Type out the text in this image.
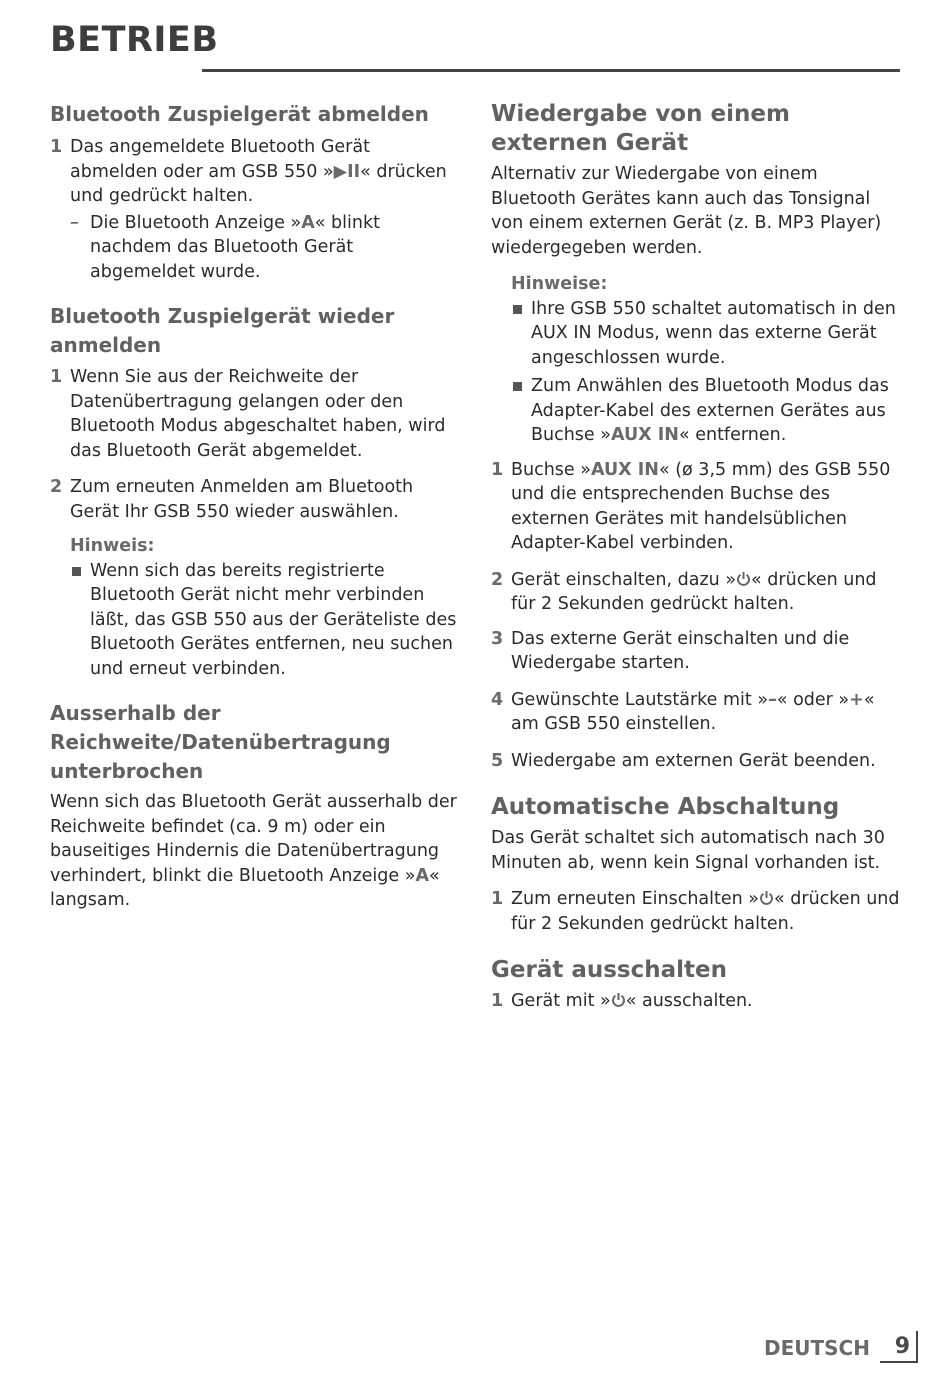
BETRIEB
Bluetooth Zuspielgerät abmelden
1 Das angemeldete Bluetooth Gerät abmelden oder am GSB 550 »▶II« drücken und gedrückt halten.
– Die Bluetooth Anzeige »A« blinkt nachdem das Bluetooth Gerät abgemeldet wurde.
Bluetooth Zuspielgerät wieder anmelden
1 Wenn Sie aus der Reichweite der Datenübertragung gelangen oder den Bluetooth Modus abgeschaltet haben, wird das Bluetooth Gerät abgemeldet.
2 Zum erneuten Anmelden am Bluetooth Gerät Ihr GSB 550 wieder auswählen.
Hinweis:
Wenn sich das bereits registrierte Bluetooth Gerät nicht mehr verbinden läßt, das GSB 550 aus der Geräteliste des Bluetooth Gerätes entfernen, neu suchen und erneut verbinden.
Ausserhalb der Reichweite/Datenübertragung unterbrochen

Wenn sich das Bluetooth Gerät ausserhalb der Reichweite befindet (ca. 9 m) oder ein bauseitiges Hindernis die Datenübertragung verhindert, blinkt die Bluetooth Anzeige »A« langsam.

Wiedergabe von einem externen Gerät

Alternativ zur Wiedergabe von einem Bluetooth Gerätes kann auch das Tonsignal von einem externen Gerät (z. B. MP3 Player) wiedergegeben werden.

Hinweise:
Ihre GSB 550 schaltet automatisch in den AUX IN Modus, wenn das externe Gerät angeschlossen wurde.
Zum Anwählen des Bluetooth Modus das Adapter-Kabel des externen Gerätes aus Buchse »AUX IN« entfernen.
1 Buchse »AUX IN« (ø 3,5 mm) des GSB 550 und die entsprechenden Buchse des externen Gerätes mit handelsüblichen Adapter-Kabel verbinden.
2 Gerät einschalten, dazu » « drücken und für 2 Sekunden gedrückt halten.
3 Das externe Gerät einschalten und die Wiedergabe starten.
4 Gewünschte Lautstärke mit »–« oder »+« am GSB 550 einstellen.
5 Wiedergabe am externen Gerät beenden.
Automatische Abschaltung

Das Gerät schaltet sich automatisch nach 30 Minuten ab, wenn kein Signal vorhanden ist.

1 Zum erneuten Einschalten » « drücken und für 2 Sekunden gedrückt halten.
Gerät ausschalten
1 Gerät mit » « ausschalten.
DEUTSCH	9
